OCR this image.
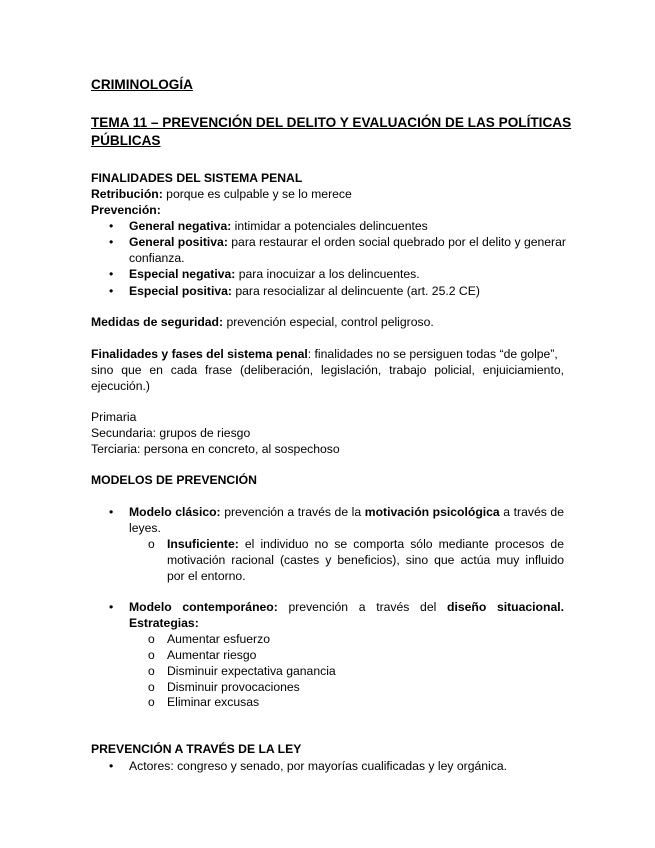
CRIMINOLOGÍA
TEMA 11 – PREVENCIÓN DEL DELITO Y EVALUACIÓN DE LAS POLÍTICAS
PÚBLICAS
FINALIDADES DEL SISTEMA PENAL
Retribución: porque es culpable y se lo merece
Prevención:
• General negativa: intimidar a potenciales delincuentes
• General positiva: para restaurar el orden social quebrado por el delito y generar
confianza.
• Especial negativa: para inocuizar a los delincuentes.
• Especial positiva: para resocializar al delincuente (art. 25.2 CE)
Medidas de seguridad: prevención especial, control peligroso.
Finalidades y fases del sistema penal: finalidades no se persiguen todas “de golpe”,
sino que en cada frase (deliberación, legislación, trabajo policial, enjuiciamiento,
ejecución.)
Primaria
Secundaria: grupos de riesgo
Terciaria: persona en concreto, al sospechoso
MODELOS DE PREVENCIÓN
• Modelo clásico: prevención a través de la motivación psicológica a través de
leyes.
o Insuficiente: el individuo no se comporta sólo mediante procesos de
motivación racional (castes y beneficios), sino que actúa muy influido
por el entorno.
• Modelo contemporáneo: prevención a través del diseño situacional.
Estrategias:
o Aumentar esfuerzo
o Aumentar riesgo
o Disminuir expectativa ganancia
o Disminuir provocaciones
o Eliminar excusas
PREVENCIÓN A TRAVÉS DE LA LEY
• Actores: congreso y senado, por mayorías cualificadas y ley orgánica.
